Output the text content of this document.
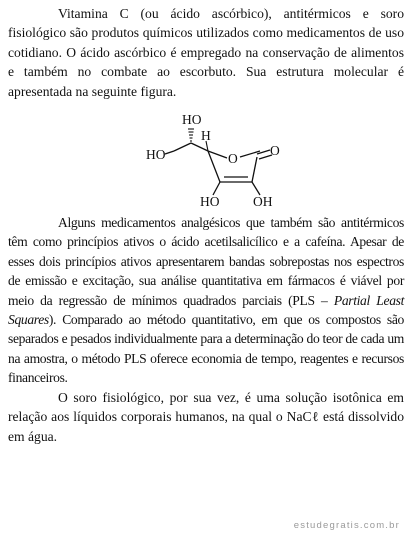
Vitamina C (ou ácido ascórbico), antitérmicos e soro fisiológico são produtos químicos utilizados como medicamentos de uso cotidiano. O ácido ascórbico é empregado na conservação de alimentos e também no combate ao escorbuto. Sua estrutura molecular é apresentada na seguinte figura.

HO
HO
H
O
O
HO OH

Alguns medicamentos analgésicos que também são antitérmicos têm como princípios ativos o ácido acetilsalicílico e a cafeína. Apesar de esses dois princípios ativos apresentarem bandas sobrepostas nos espectros de emissão e excitação, sua análise quantitativa em fármacos é viável por meio da regressão de mínimos quadrados parciais (PLS – Partial Least Squares). Comparado ao método quantitativo, em que os compostos são separados e pesados individualmente para a determinação do teor de cada um na amostra, o método PLS oferece economia de tempo, reagentes e recursos financeiros.

O soro fisiológico, por sua vez, é uma solução isotônica em relação aos líquidos corporais humanos, na qual o NaCℓ está dissolvido em água.

estudegratis.com.br
